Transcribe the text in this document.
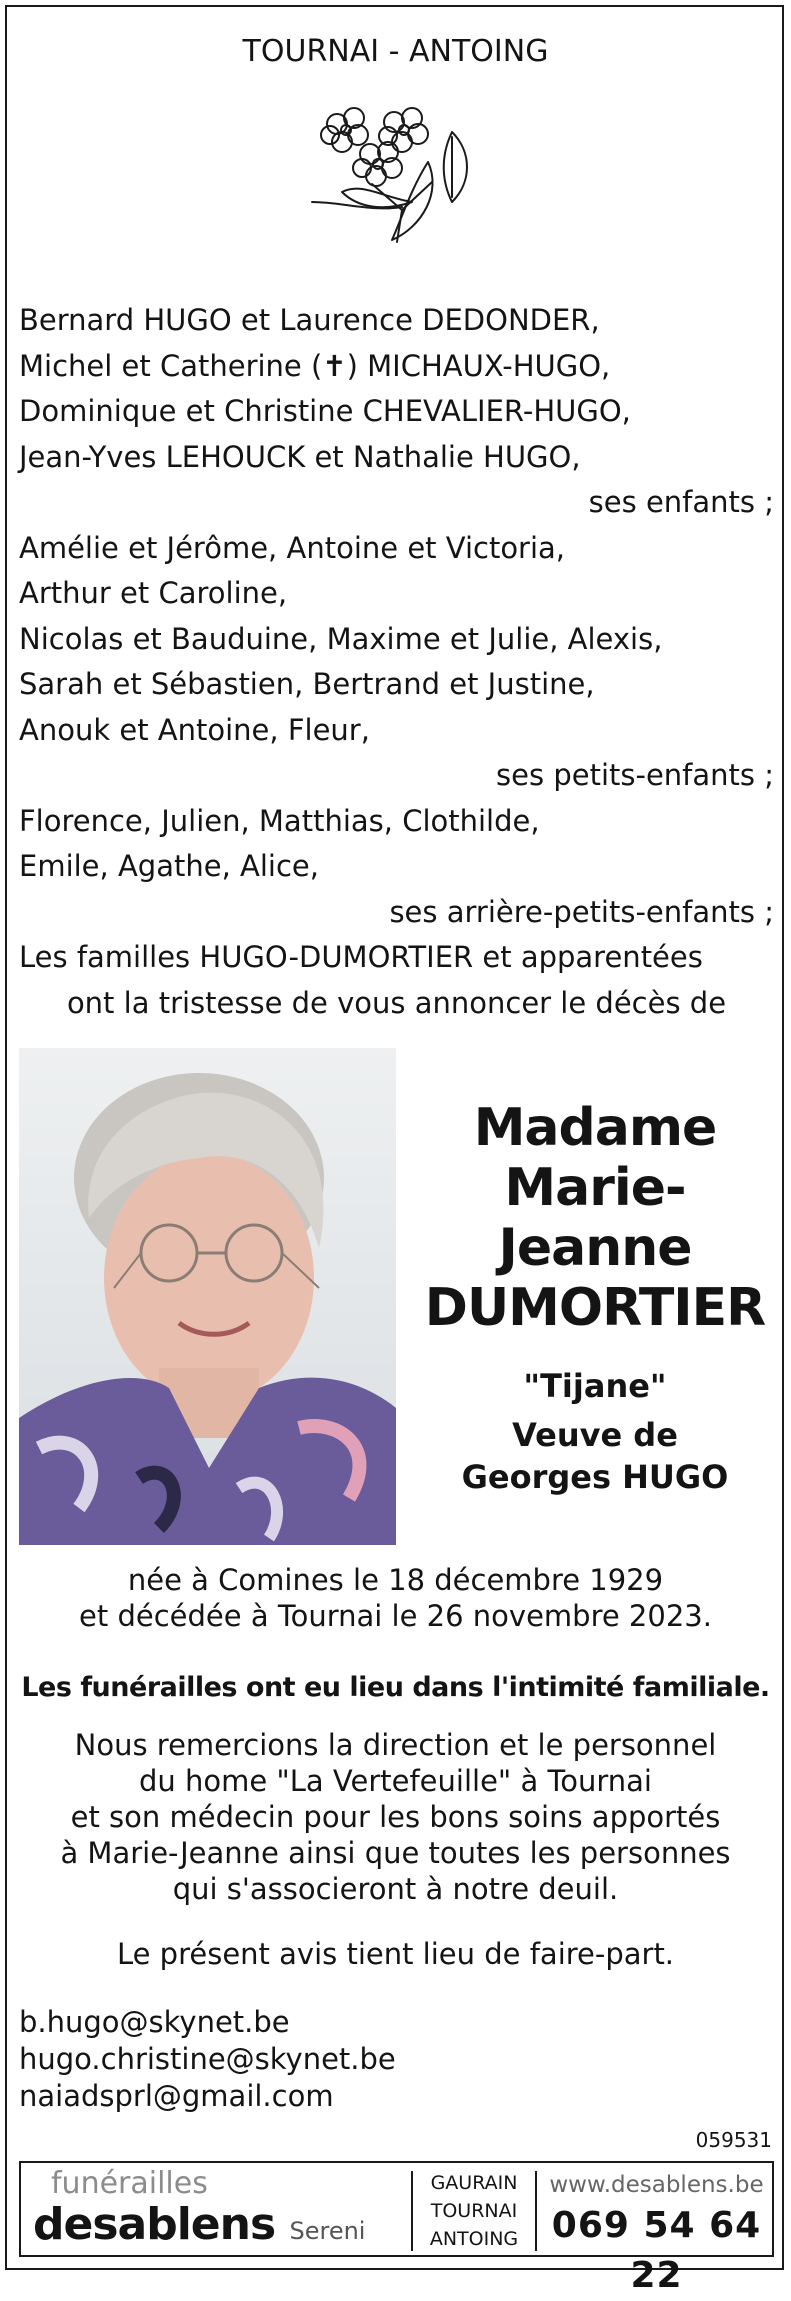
TOURNAI - ANTOING
Bernard HUGO et Laurence DEDONDER,
Michel et Catherine (✝) MICHAUX-HUGO,
Dominique et Christine CHEVALIER-HUGO,
Jean-Yves LEHOUCK et Nathalie HUGO,
ses enfants ;
Amélie et Jérôme, Antoine et Victoria,
Arthur et Caroline,
Nicolas et Bauduine, Maxime et Julie, Alexis,
Sarah et Sébastien, Bertrand et Justine,
Anouk et Antoine, Fleur,
ses petits-enfants ;
Florence, Julien, Matthias, Clothilde,
Emile, Agathe, Alice,
ses arrière-petits-enfants ;
Les familles HUGO-DUMORTIER et apparentées
ont la tristesse de vous annoncer le décès de
Madame
Marie-Jeanne
DUMORTIER
"Tijane"
Veuve de
Georges HUGO
née à Comines le 18 décembre 1929
et décédée à Tournai le 26 novembre 2023.
Les funérailles ont eu lieu dans l'intimité familiale.
Nous remercions la direction et le personnel
du home "La Vertefeuille" à Tournai
et son médecin pour les bons soins apportés
à Marie-Jeanne ainsi que toutes les personnes
qui s'associeront à notre deuil.
Le présent avis tient lieu de faire-part.
b.hugo@skynet.be
hugo.christine@skynet.be
naiadsprl@gmail.com
059531
funérailles
desablens Sereni
GAURAIN
TOURNAI
ANTOING
www.desablens.be
069 54 64 22
